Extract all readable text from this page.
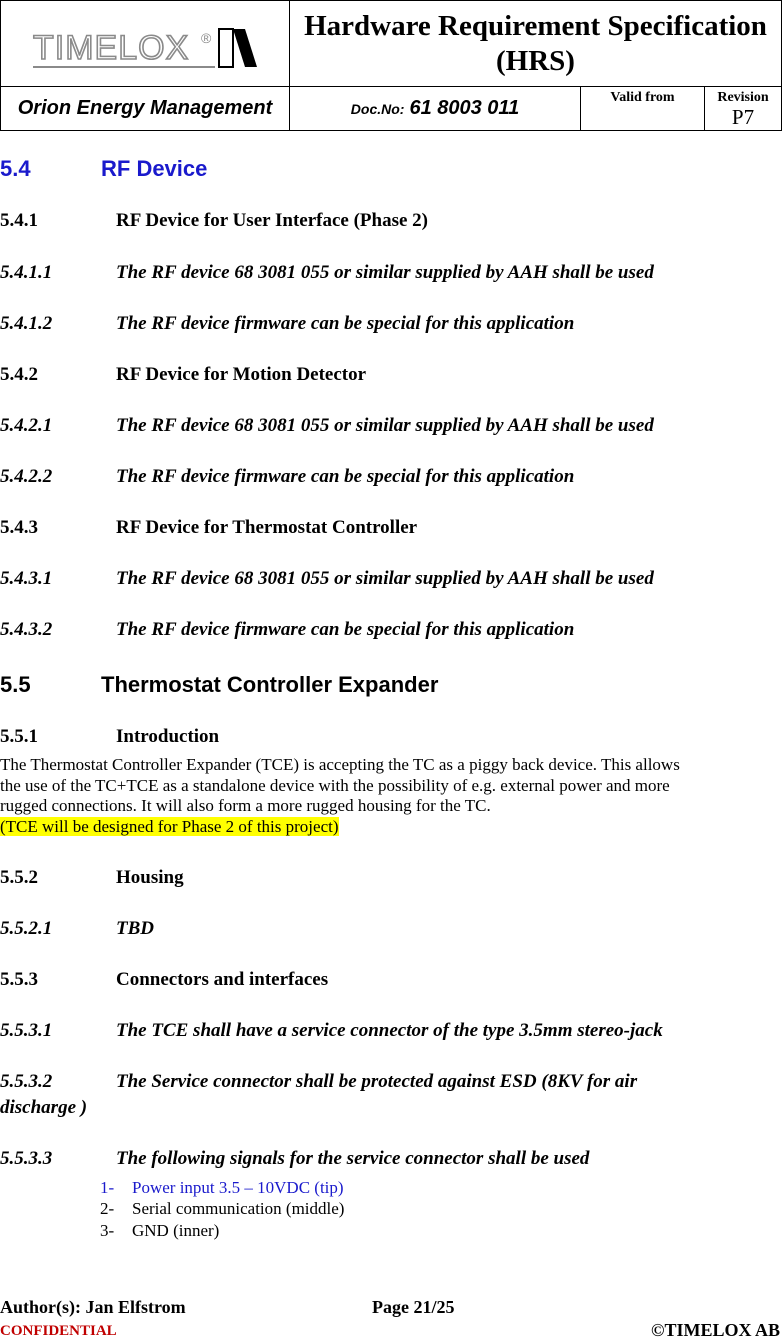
TIMELOX ®	Hardware Requirement Specification (HRS)
Orion Energy Management	Doc.No: 61 8003 011	Valid from	Revision
P7
5.4	RF Device
5.4.1	RF Device for User Interface (Phase 2)
5.4.1.1	The RF device 68 3081 055 or similar supplied by AAH shall be used
5.4.1.2	The RF device firmware can be special for this application
5.4.2	RF Device for Motion Detector
5.4.2.1	The RF device 68 3081 055 or similar supplied by AAH shall be used
5.4.2.2	The RF device firmware can be special for this application
5.4.3	RF Device for Thermostat Controller
5.4.3.1	The RF device 68 3081 055 or similar supplied by AAH shall be used
5.4.3.2	The RF device firmware can be special for this application
5.5	Thermostat Controller Expander
5.5.1	Introduction
The Thermostat Controller Expander (TCE) is accepting the TC as a piggy back device. This allows
the use of the TC+TCE as a standalone device with the possibility of e.g. external power and more
rugged connections. It will also form a more rugged housing for the TC.
(TCE will be designed for Phase 2 of this project)
5.5.2	Housing
5.5.2.1	TBD
5.5.3	Connectors and interfaces
5.5.3.1	The TCE shall have a service connector of the type 3.5mm stereo-jack
5.5.3.2	The Service connector shall be protected against ESD (8KV for air
discharge )
5.5.3.3	The following signals for the service connector shall be used
1- Power input 3.5 – 10VDC (tip)
2- Serial communication (middle)
3- GND (inner)
Author(s): Jan Elfstrom	Page 21/25
CONFIDENTIAL	©TIMELOX AB
